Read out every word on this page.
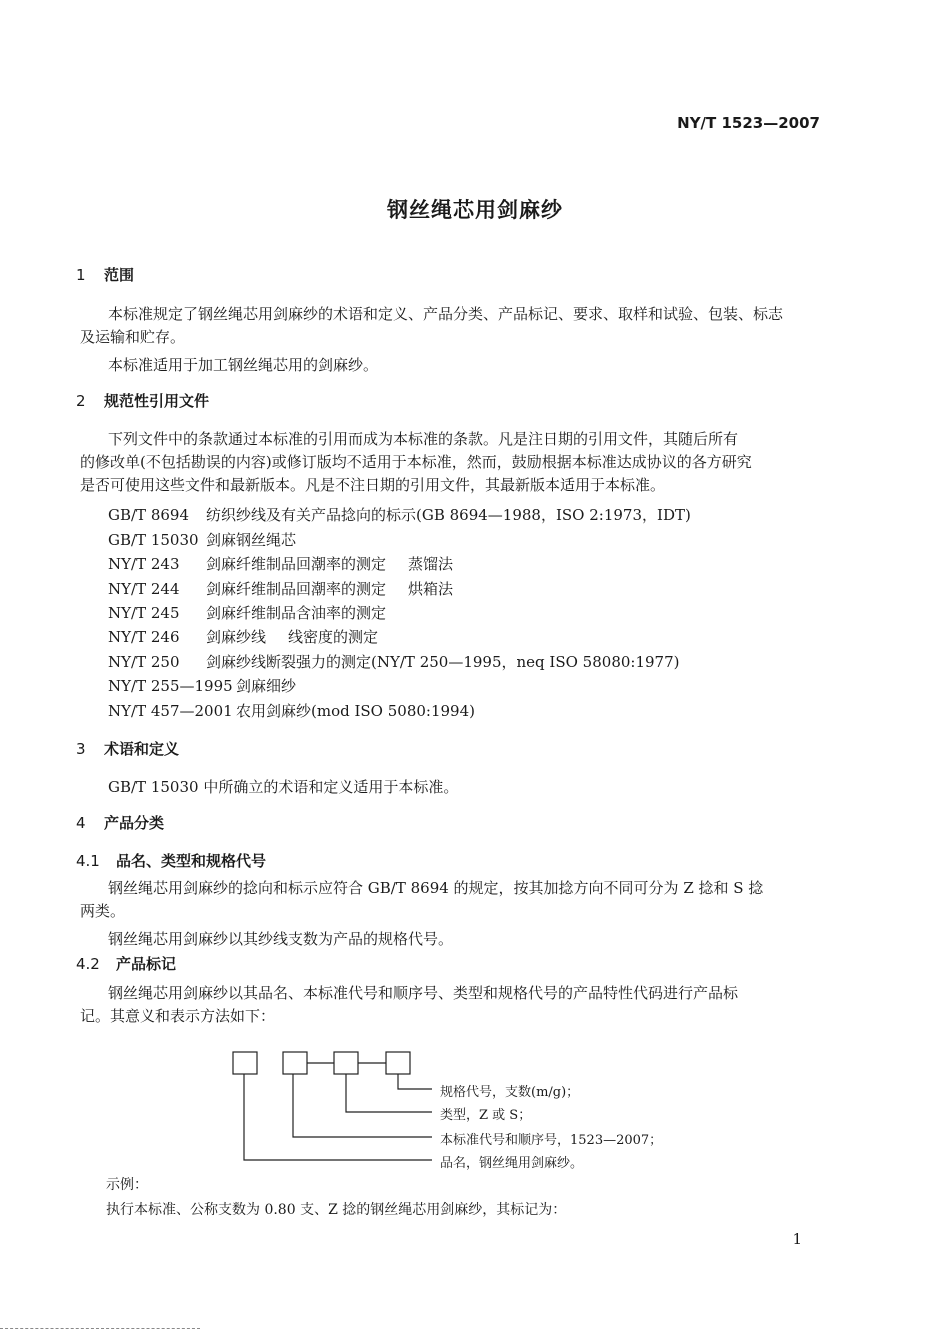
NY/T 1523—2007
钢丝绳芯用剑麻纱
1 范围
本标准规定了钢丝绳芯用剑麻纱的术语和定义、产品分类、产品标记、要求、取样和试验、包装、标志
及运输和贮存。
本标准适用于加工钢丝绳芯用的剑麻纱。
2 规范性引用文件
下列文件中的条款通过本标准的引用而成为本标准的条款。凡是注日期的引用文件，其随后所有
的修改单(不包括勘误的内容)或修订版均不适用于本标准，然而，鼓励根据本标准达成协议的各方研究
是否可使用这些文件和最新版本。凡是不注日期的引用文件，其最新版本适用于本标准。
GB/T 8694 纺织纱线及有关产品捻向的标示(GB 8694—1988，ISO 2:1973，IDT)
GB/T 15030 剑麻钢丝绳芯
NY/T 243 剑麻纤维制品回潮率的测定 蒸馏法
NY/T 244 剑麻纤维制品回潮率的测定 烘箱法
NY/T 245 剑麻纤维制品含油率的测定
NY/T 246 剑麻纱线 线密度的测定
NY/T 250 剑麻纱线断裂强力的测定(NY/T 250—1995，neq ISO 58080:1977)
NY/T 255—1995 剑麻细纱
NY/T 457—2001 农用剑麻纱(mod ISO 5080:1994)
3 术语和定义
GB/T 15030 中所确立的术语和定义适用于本标准。
4 产品分类
4.1 品名、类型和规格代号
钢丝绳芯用剑麻纱的捻向和标示应符合 GB/T 8694 的规定，按其加捻方向不同可分为 Z 捻和 S 捻
两类。
钢丝绳芯用剑麻纱以其纱线支数为产品的规格代号。
4.2 产品标记
钢丝绳芯用剑麻纱以其品名、本标准代号和顺序号、类型和规格代号的产品特性代码进行产品标
记。其意义和表示方法如下：
规格代号，支数(m/g)；
类型，Z 或 S；
本标准代号和顺序号，1523—2007；
品名，钢丝绳用剑麻纱。
示例：
执行本标准、公称支数为 0.80 支、Z 捻的钢丝绳芯用剑麻纱，其标记为：
1
